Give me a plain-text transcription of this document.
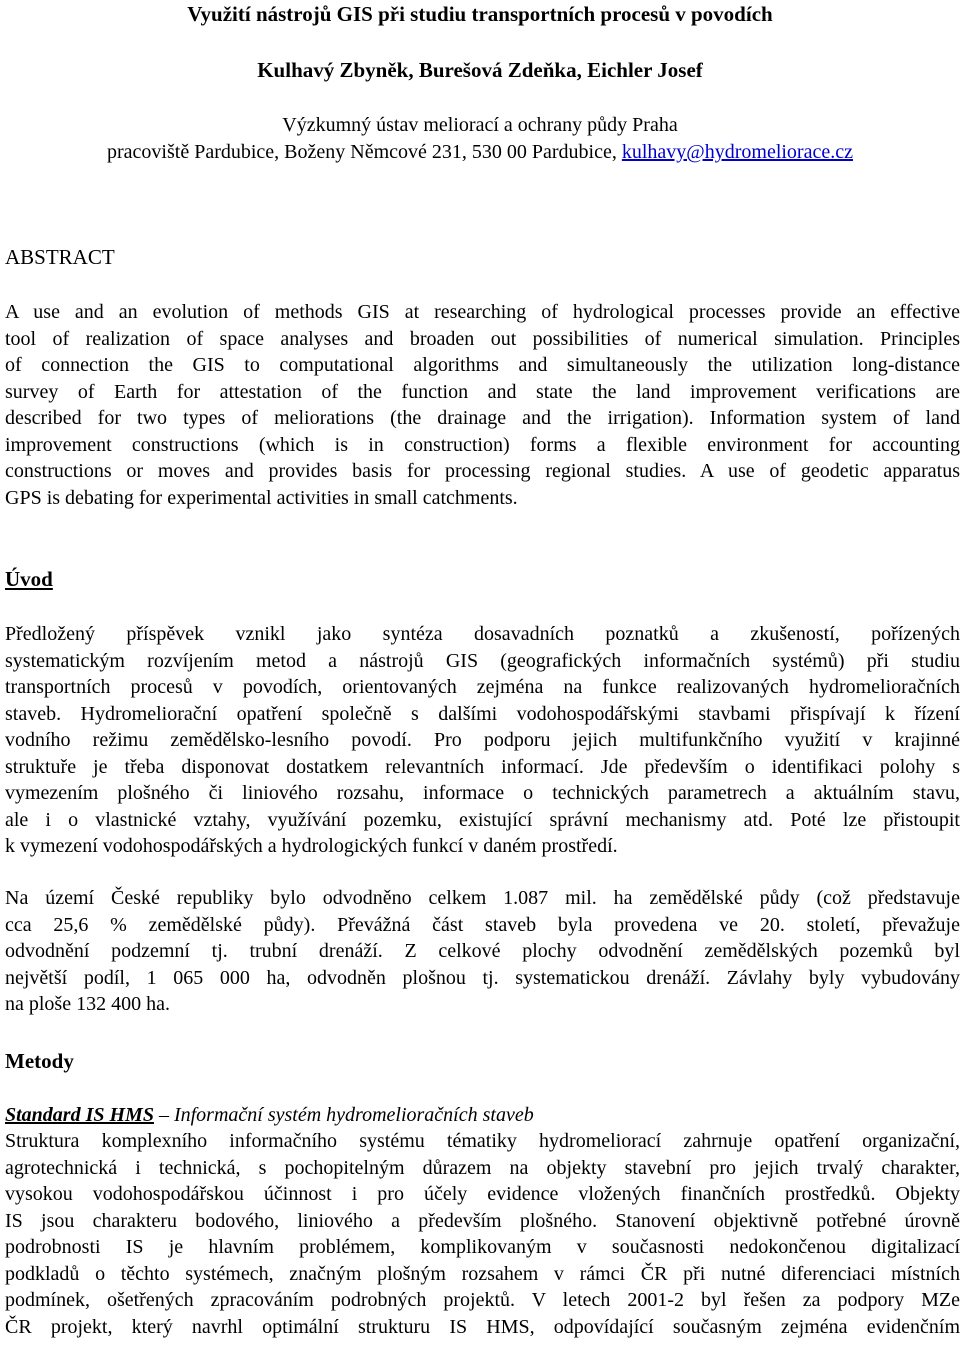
Využití nástrojů GIS při studiu transportních procesů v povodích
Kulhavý Zbyněk, Burešová Zdeňka, Eichler Josef
Výzkumný ústav meliorací a ochrany půdy Praha
pracoviště Pardubice, Boženy Němcové 231, 530 00 Pardubice, kulhavy@hydromeliorace.cz
ABSTRACT
A use and an evolution of methods GIS at researching of hydrological processes provide an effective
tool of realization of space analyses and broaden out possibilities of numerical simulation. Principles
of connection the GIS to computational algorithms and simultaneously the utilization long-distance
survey of Earth for attestation of the function and state the land improvement verifications are
described for two types of meliorations (the drainage and the irrigation). Information system of land
improvement constructions (which is in construction) forms a flexible environment for accounting
constructions or moves and provides basis for processing regional studies. A use of geodetic apparatus
GPS is debating for experimental activities in small catchments.
Úvod
Předložený příspěvek vznikl jako syntéza dosavadních poznatků a zkušeností, pořízených
systematickým rozvíjením metod a nástrojů GIS (geografických informačních systémů) při studiu
transportních procesů v povodích, orientovaných zejména na funkce realizovaných hydromelioračních
staveb. Hydromeliorační opatření společně s dalšími vodohospodářskými stavbami přispívají k řízení
vodního režimu zemědělsko-lesního povodí. Pro podporu jejich multifunkčního využití v krajinné
struktuře je třeba disponovat dostatkem relevantních informací. Jde především o identifikaci polohy s
vymezením plošného či liniového rozsahu, informace o technických parametrech a aktuálním stavu,
ale i o vlastnické vztahy, využívání pozemku, existující správní mechanismy atd. Poté lze přistoupit
k vymezení vodohospodářských a hydrologických funkcí v daném prostředí.
Na území České republiky bylo odvodněno celkem 1.087 mil. ha zemědělské půdy (což představuje
cca 25,6 % zemědělské půdy). Převážná část staveb byla provedena ve 20. století, převažuje
odvodnění podzemní tj. trubní drenáží. Z celkové plochy odvodnění zemědělských pozemků byl
největší podíl, 1 065 000 ha, odvodněn plošnou tj. systematickou drenáží. Závlahy byly vybudovány
na ploše 132 400 ha.
Metody
Standard IS HMS – Informační systém hydromelioračních staveb
Struktura komplexního informačního systému tématiky hydromeliorací zahrnuje opatření organizační,
agrotechnická i technická, s pochopitelným důrazem na objekty stavební pro jejich trvalý charakter,
vysokou vodohospodářskou účinnost i pro účely evidence vložených finančních prostředků. Objekty
IS jsou charakteru bodového, liniového a především plošného. Stanovení objektivně potřebné úrovně
podrobnosti IS je hlavním problémem, komplikovaným v současnosti nedokončenou digitalizací
podkladů o těchto systémech, značným plošným rozsahem v rámci ČR při nutné diferenciaci místních
podmínek, ošetřených zpracováním podrobných projektů. V letech 2001-2 byl řešen za podpory MZe
ČR projekt, který navrhl optimální strukturu IS HMS, odpovídající současným zejména evidenčním
